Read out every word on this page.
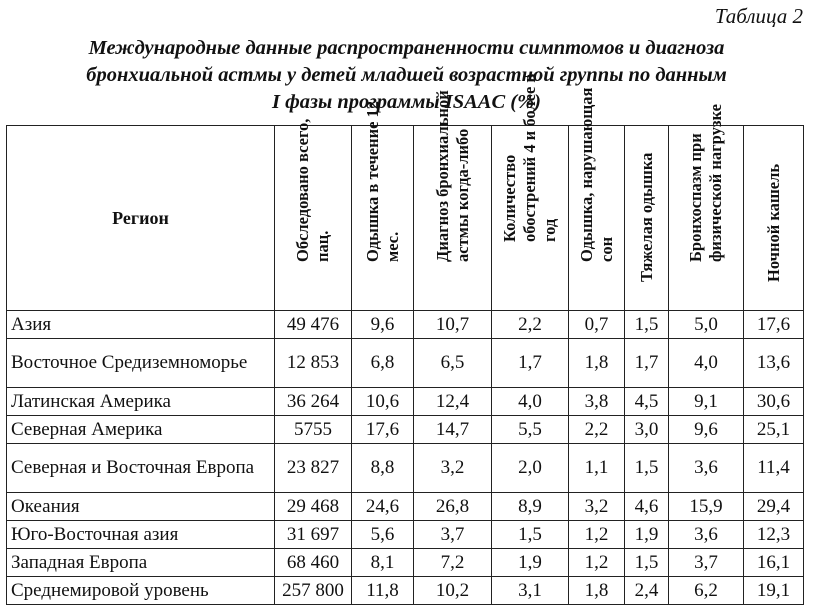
Таблица 2
Международные данные распространенности симптомов и диагноза
бронхиальной астмы у детей младшей возрастной группы по данным
I фазы программы ISAAC (%)
Регион	Обследовано всего, пац.	Одышка в течение 12 мес.	Диагноз бронхиальной астмы когда-либо	Количество обострений 4 и более в год	Одышка, нарушающая сон	Тяжелая одышка	Бронхоспазм при физической нагрузке	Ночной кашель

Азия	49 476	9,6	10,7	2,2	0,7	1,5	5,0	17,6
Восточное Средиземноморье	12 853	6,8	6,5	1,7	1,8	1,7	4,0	13,6
Латинская Америка	36 264	10,6	12,4	4,0	3,8	4,5	9,1	30,6
Северная Америка	5755	17,6	14,7	5,5	2,2	3,0	9,6	25,1
Северная и Восточная Европа	23 827	8,8	3,2	2,0	1,1	1,5	3,6	11,4
Океания	29 468	24,6	26,8	8,9	3,2	4,6	15,9	29,4
Юго-Восточная азия	31 697	5,6	3,7	1,5	1,2	1,9	3,6	12,3
Западная Европа	68 460	8,1	7,2	1,9	1,2	1,5	3,7	16,1
Среднемировой уровень	257 800	11,8	10,2	3,1	1,8	2,4	6,2	19,1
